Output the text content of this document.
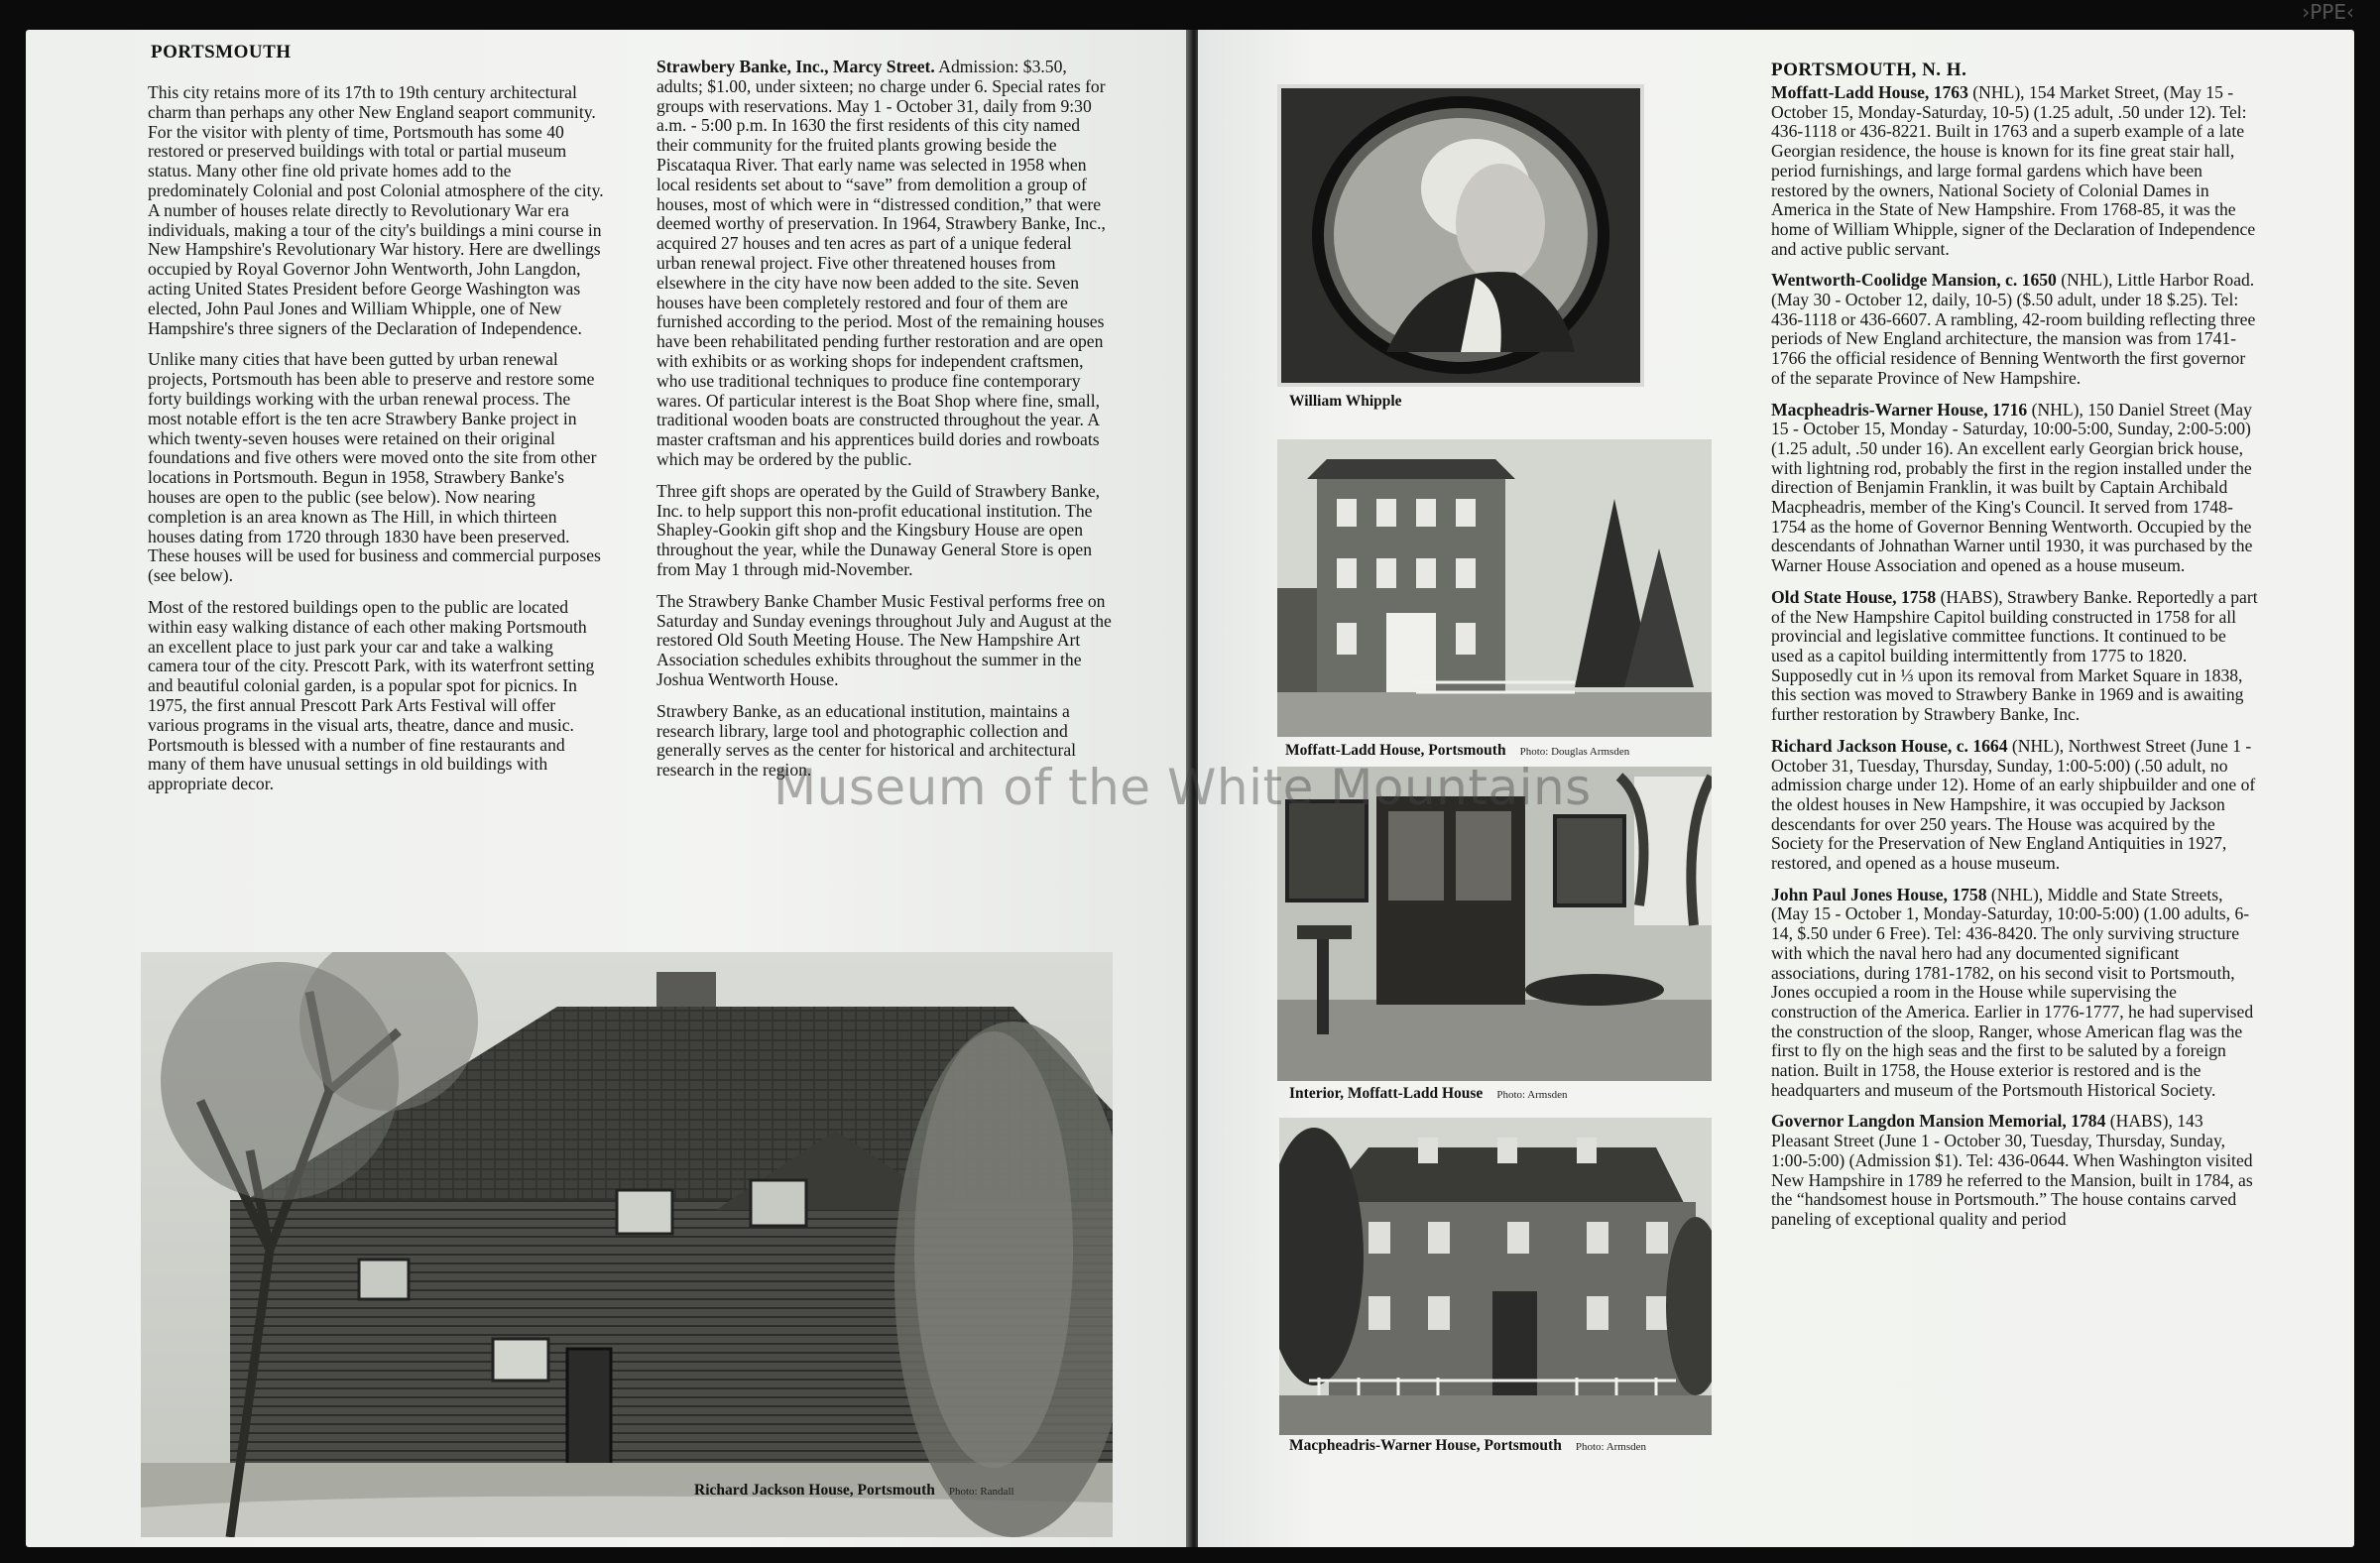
PORTSMOUTH

This city retains more of its 17th to 19th century architectural charm than perhaps any other New England seaport community. For the visitor with plenty of time, Portsmouth has some 40 restored or preserved buildings with total or partial museum status. Many other fine old private homes add to the predominately Colonial and post Colonial atmosphere of the city. A number of houses relate directly to Revolutionary War era individuals, making a tour of the city's buildings a mini course in New Hampshire's Revolutionary War history. Here are dwellings occupied by Royal Governor John Wentworth, John Langdon, acting United States President before George Washington was elected, John Paul Jones and William Whipple, one of New Hampshire's three signers of the Declaration of Independence.

Unlike many cities that have been gutted by urban renewal projects, Portsmouth has been able to preserve and restore some forty buildings working with the urban renewal process. The most notable effort is the ten acre Strawbery Banke project in which twenty-seven houses were retained on their original foundations and five others were moved onto the site from other locations in Portsmouth. Begun in 1958, Strawbery Banke's houses are open to the public (see below). Now nearing completion is an area known as The Hill, in which thirteen houses dating from 1720 through 1830 have been preserved. These houses will be used for business and commercial purposes (see below).

Most of the restored buildings open to the public are located within easy walking distance of each other making Portsmouth an excellent place to just park your car and take a walking camera tour of the city. Prescott Park, with its waterfront setting and beautiful colonial garden, is a popular spot for picnics. In 1975, the first annual Prescott Park Arts Festival will offer various programs in the visual arts, theatre, dance and music. Portsmouth is blessed with a number of fine restaurants and many of them have unusual settings in old buildings with appropriate decor.

Strawbery Banke, Inc., Marcy Street. Admission: $3.50, adults; $1.00, under sixteen; no charge under 6. Special rates for groups with reservations. May 1 - October 31, daily from 9:30 a.m. - 5:00 p.m. In 1630 the first residents of this city named their community for the fruited plants growing beside the Piscataqua River. That early name was selected in 1958 when local residents set about to “save” from demolition a group of houses, most of which were in “distressed condition,” that were deemed worthy of preservation. In 1964, Strawbery Banke, Inc., acquired 27 houses and ten acres as part of a unique federal urban renewal project. Five other threatened houses from elsewhere in the city have now been added to the site. Seven houses have been completely restored and four of them are furnished according to the period. Most of the remaining houses have been rehabilitated pending further restoration and are open with exhibits or as working shops for independent craftsmen, who use traditional techniques to produce fine contemporary wares. Of particular interest is the Boat Shop where fine, small, traditional wooden boats are constructed throughout the year. A master craftsman and his apprentices build dories and rowboats which may be ordered by the public.

Three gift shops are operated by the Guild of Strawbery Banke, Inc. to help support this non-profit educational institution. The Shapley-Gookin gift shop and the Kingsbury House are open throughout the year, while the Dunaway General Store is open from May 1 through mid-November.

The Strawbery Banke Chamber Music Festival performs free on Saturday and Sunday evenings throughout July and August at the restored Old South Meeting House. The New Hampshire Art Association schedules exhibits throughout the summer in the Joshua Wentworth House.

Strawbery Banke, as an educational institution, maintains a research library, large tool and photographic collection and generally serves as the center for historical and architectural research in the region.

Richard Jackson House, Portsmouth Photo: Randall
William Whipple
Moffatt-Ladd House, Portsmouth Photo: Douglas Armsden
Interior, Moffatt-Ladd House Photo: Armsden
Macpheadris-Warner House, Portsmouth Photo: Armsden
PORTSMOUTH, N. H.

Moffatt-Ladd House, 1763 (NHL), 154 Market Street, (May 15 - October 15, Monday-Saturday, 10-5) (1.25 adult, .50 under 12). Tel: 436-1118 or 436-8221. Built in 1763 and a superb example of a late Georgian residence, the house is known for its fine great stair hall, period furnishings, and large formal gardens which have been restored by the owners, National Society of Colonial Dames in America in the State of New Hampshire. From 1768-85, it was the home of William Whipple, signer of the Declaration of Independence and active public servant.

Wentworth-Coolidge Mansion, c. 1650 (NHL), Little Harbor Road. (May 30 - October 12, daily, 10-5) ($.50 adult, under 18 $.25). Tel: 436-1118 or 436-6607. A rambling, 42-room building reflecting three periods of New England architecture, the mansion was from 1741-1766 the official residence of Benning Wentworth the first governor of the separate Province of New Hampshire.

Macpheadris-Warner House, 1716 (NHL), 150 Daniel Street (May 15 - October 15, Monday - Saturday, 10:00-5:00, Sunday, 2:00-5:00) (1.25 adult, .50 under 16). An excellent early Georgian brick house, with lightning rod, probably the first in the region installed under the direction of Benjamin Franklin, it was built by Captain Archibald Macpheadris, member of the King's Council. It served from 1748-1754 as the home of Governor Benning Wentworth. Occupied by the descendants of Johnathan Warner until 1930, it was purchased by the Warner House Association and opened as a house museum.

Old State House, 1758 (HABS), Strawbery Banke. Reportedly a part of the New Hampshire Capitol building constructed in 1758 for all provincial and legislative committee functions. It continued to be used as a capitol building intermittently from 1775 to 1820. Supposedly cut in ⅓ upon its removal from Market Square in 1838, this section was moved to Strawbery Banke in 1969 and is awaiting further restoration by Strawbery Banke, Inc.

Richard Jackson House, c. 1664 (NHL), Northwest Street (June 1 - October 31, Tuesday, Thursday, Sunday, 1:00-5:00) (.50 adult, no admission charge under 12). Home of an early shipbuilder and one of the oldest houses in New Hampshire, it was occupied by Jackson descendants for over 250 years. The House was acquired by the Society for the Preservation of New England Antiquities in 1927, restored, and opened as a house museum.

John Paul Jones House, 1758 (NHL), Middle and State Streets, (May 15 - October 1, Monday-Saturday, 10:00-5:00) (1.00 adults, 6-14, $.50 under 6 Free). Tel: 436-8420. The only surviving structure with which the naval hero had any documented significant associations, during 1781-1782, on his second visit to Portsmouth, Jones occupied a room in the House while supervising the construction of the America. Earlier in 1776-1777, he had supervised the construction of the sloop, Ranger, whose American flag was the first to fly on the high seas and the first to be saluted by a foreign nation. Built in 1758, the House exterior is restored and is the headquarters and museum of the Portsmouth Historical Society.

Governor Langdon Mansion Memorial, 1784 (HABS), 143 Pleasant Street (June 1 - October 30, Tuesday, Thursday, Sunday, 1:00-5:00) (Admission $1). Tel: 436-0644. When Washington visited New Hampshire in 1789 he referred to the Mansion, built in 1784, as the “handsomest house in Portsmouth.” The house contains carved paneling of exceptional quality and period

Museum of the White Mountains
›PPE‹
